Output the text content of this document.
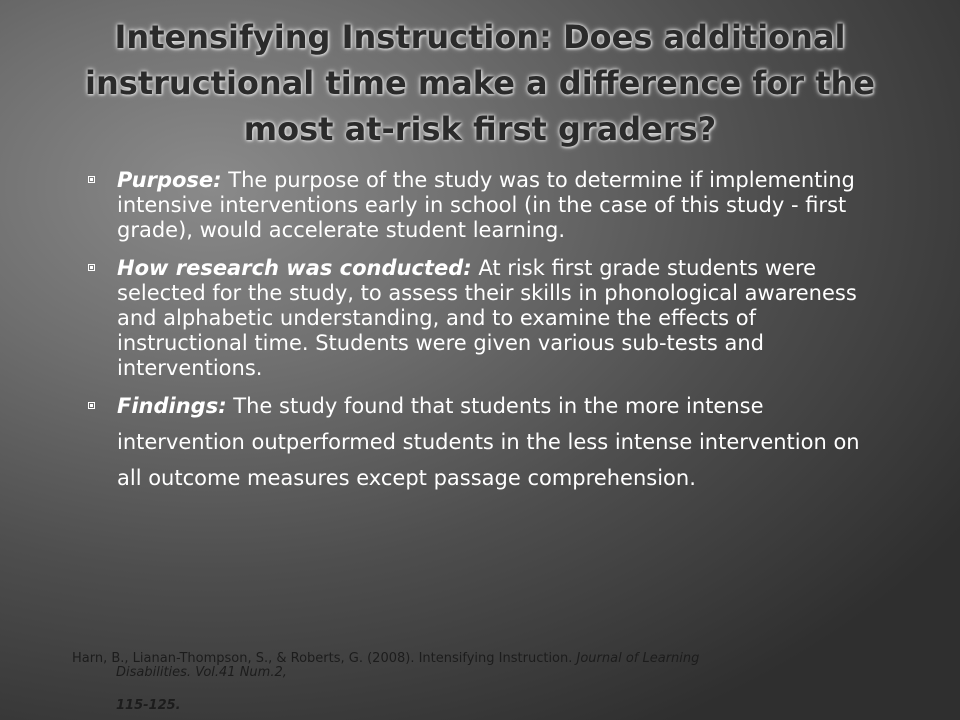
Intensifying Instruction: Does additional instructional time make a difference for the most at-risk first graders?
Purpose: The purpose of the study was to determine if implementing intensive interventions early in school (in the case of this study - first grade), would accelerate student learning.
How research was conducted: At risk first grade students were selected for the study, to assess their skills in phonological awareness and alphabetic understanding, and to examine the effects of instructional time. Students were given various sub-tests and interventions.
Findings: The study found that students in the more intense intervention outperformed students in the less intense intervention on all outcome measures except passage comprehension.
Harn, B., Lianan-Thompson, S., & Roberts, G. (2008). Intensifying Instruction. Journal of Learning
Disabilities. Vol.41 Num.2,
115-125.
